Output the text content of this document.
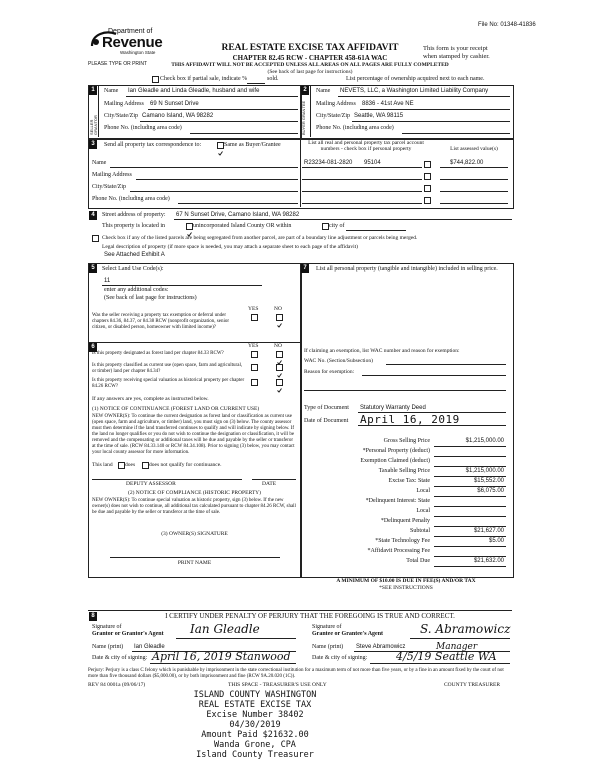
File No: 01348-41836
Department of
Revenue
Washington State
PLEASE TYPE OR PRINT
REAL ESTATE EXCISE TAX AFFIDAVIT
CHAPTER 82.45 RCW - CHAPTER 458-61A WAC
THIS AFFIDAVIT WILL NOT BE ACCEPTED UNLESS ALL AREAS ON ALL PAGES ARE FULLY COMPLETED
(See back of last page for instructions)
This form is your receipt
when stamped by cashier.
Check box if partial sale, indicate %	sold.	List percentage of ownership acquired next to each name.
1
SELLER GRANTOR
Name Ian Gleadle and Linda Gleadle, husband and wife
Mailing Address 69 N Sunset Drive
City/State/Zip Camano Island, WA 98282
Phone No. (including area code)
2
BUYER GRANTEE
Name NEVETS, LLC, a Washington Limited Liability Company
Mailing Address 8836 - 41st Ave NE
City/State/Zip Seattle, WA 98115
Phone No. (including area code)
3	Send all property tax correspondence to:	Same as Buyer/Grantee	List all real and personal property tax parcel account
numbers - check box if personal property	List assessed value(s)
Name
Mailing Address
City/State/Zip
Phone No. (including area code)
R23234-081-2820 95104	$744,822.00
4	Street address of property: 67 N Sunset Drive, Camano Island, WA 98282
This property is located in	unincorporated Island County OR within	city of
Check box if any of the listed parcels are being segregated from another parcel, are part of a boundary line adjustment or parcels being merged.
Legal description of property (if more space is needed, you may attach a separate sheet to each page of the affidavit)
See Attached Exhibit A
5	Select Land Use Code(s):
11
enter any additional codes:
(See back of last page for instructions)
YES	NO
Was the seller receiving a property tax exemption or deferral under chapters 84.36, 84.37, or 84.38 RCW (nonprofit organization, senior citizen, or disabled person, homeowner with limited income)?
6	YES	NO
Is this property designated as forest land per chapter 84.33 RCW?
Is this property classified as current use (open space, farm and agricultural, or timber) land per chapter 84.34?
Is this property receiving special valuation as historical property per chapter 84.26 RCW?
If any answers are yes, complete as instructed below.
(1) NOTICE OF CONTINUANCE (FOREST LAND OR CURRENT USE)
NEW OWNER(S): To continue the current designation as forest land or classification as current use (open space, farm and agriculture, or timber) land, you must sign on (3) below. The county assessor must then determine if the land transferred continues to qualify and will indicate by signing below. If the land no longer qualifies or you do not wish to continue the designation or classification, it will be removed and the compensating or additional taxes will be due and payable by the seller or transferor at the time of sale. (RCW 84.33.140 or RCW 84.34.108). Prior to signing (3) below, you may contact your local county assessor for more information.
This land does	does not qualify for continuance.
DEPUTY ASSESSOR	DATE
(2) NOTICE OF COMPLIANCE (HISTORIC PROPERTY)
NEW OWNER(S): To continue special valuation as historic property, sign (3) below. If the new owner(s) does not wish to continue, all additional tax calculated pursuant to chapter 84.26 RCW, shall be due and payable by the seller or transferor at the time of sale.
(3) OWNER(S) SIGNATURE
PRINT NAME
7	List all personal property (tangible and intangible) included in selling price.
If claiming an exemption, list WAC number and reason for exemption:
WAC No. (Section/Subsection)
Reason for exemption:
Type of Document Statutory Warranty Deed
Date of Document April 16, 2019
Gross Selling Price	$1,215,000.00
*Personal Property (deduct)
Exemption Claimed (deduct)
Taxable Selling Price	$1,215,000.00
Excise Tax: State	$15,552.00
Local	$6,075.00
*Delinquent Interest: State
Local
*Delinquent Penalty
Subtotal	$21,627.00
*State Technology Fee	$5.00
*Affidavit Processing Fee
Total Due	$21,632.00
A MINIMUM OF $10.00 IS DUE IN FEE(S) AND/OR TAX
*SEE INSTRUCTIONS
8	I CERTIFY UNDER PENALTY OF PERJURY THAT THE FOREGOING IS TRUE AND CORRECT.
Signature of
Grantor or Grantor's Agent Ian Gleadle
Name (print) Ian Gleadle
Date & city of signing: April 16, 2019 Stanwood
Signature of
Grantee or Grantee's Agent	S. Abramowicz
Name (print) Steve Abramowicz	Manager
Date & city of signing:	4/5/19 Seattle WA
Perjury: Perjury is a class C felony which is punishable by imprisonment in the state correctional institution for a maximum term of not more than five years, or by a fine in an amount fixed by the court of not more than five thousand dollars ($5,000.00), or by both imprisonment and fine (RCW 9A.20.020 (1C)).
REV 84 0001a (09/06/17)	THIS SPACE - TREASURER'S USE ONLY	COUNTY TREASURER
ISLAND COUNTY WASHINGTON
REAL ESTATE EXCISE TAX
Excise Number 38402
04/30/2019
Amount Paid $21632.00
Wanda Grone, CPA
Island County Treasurer
